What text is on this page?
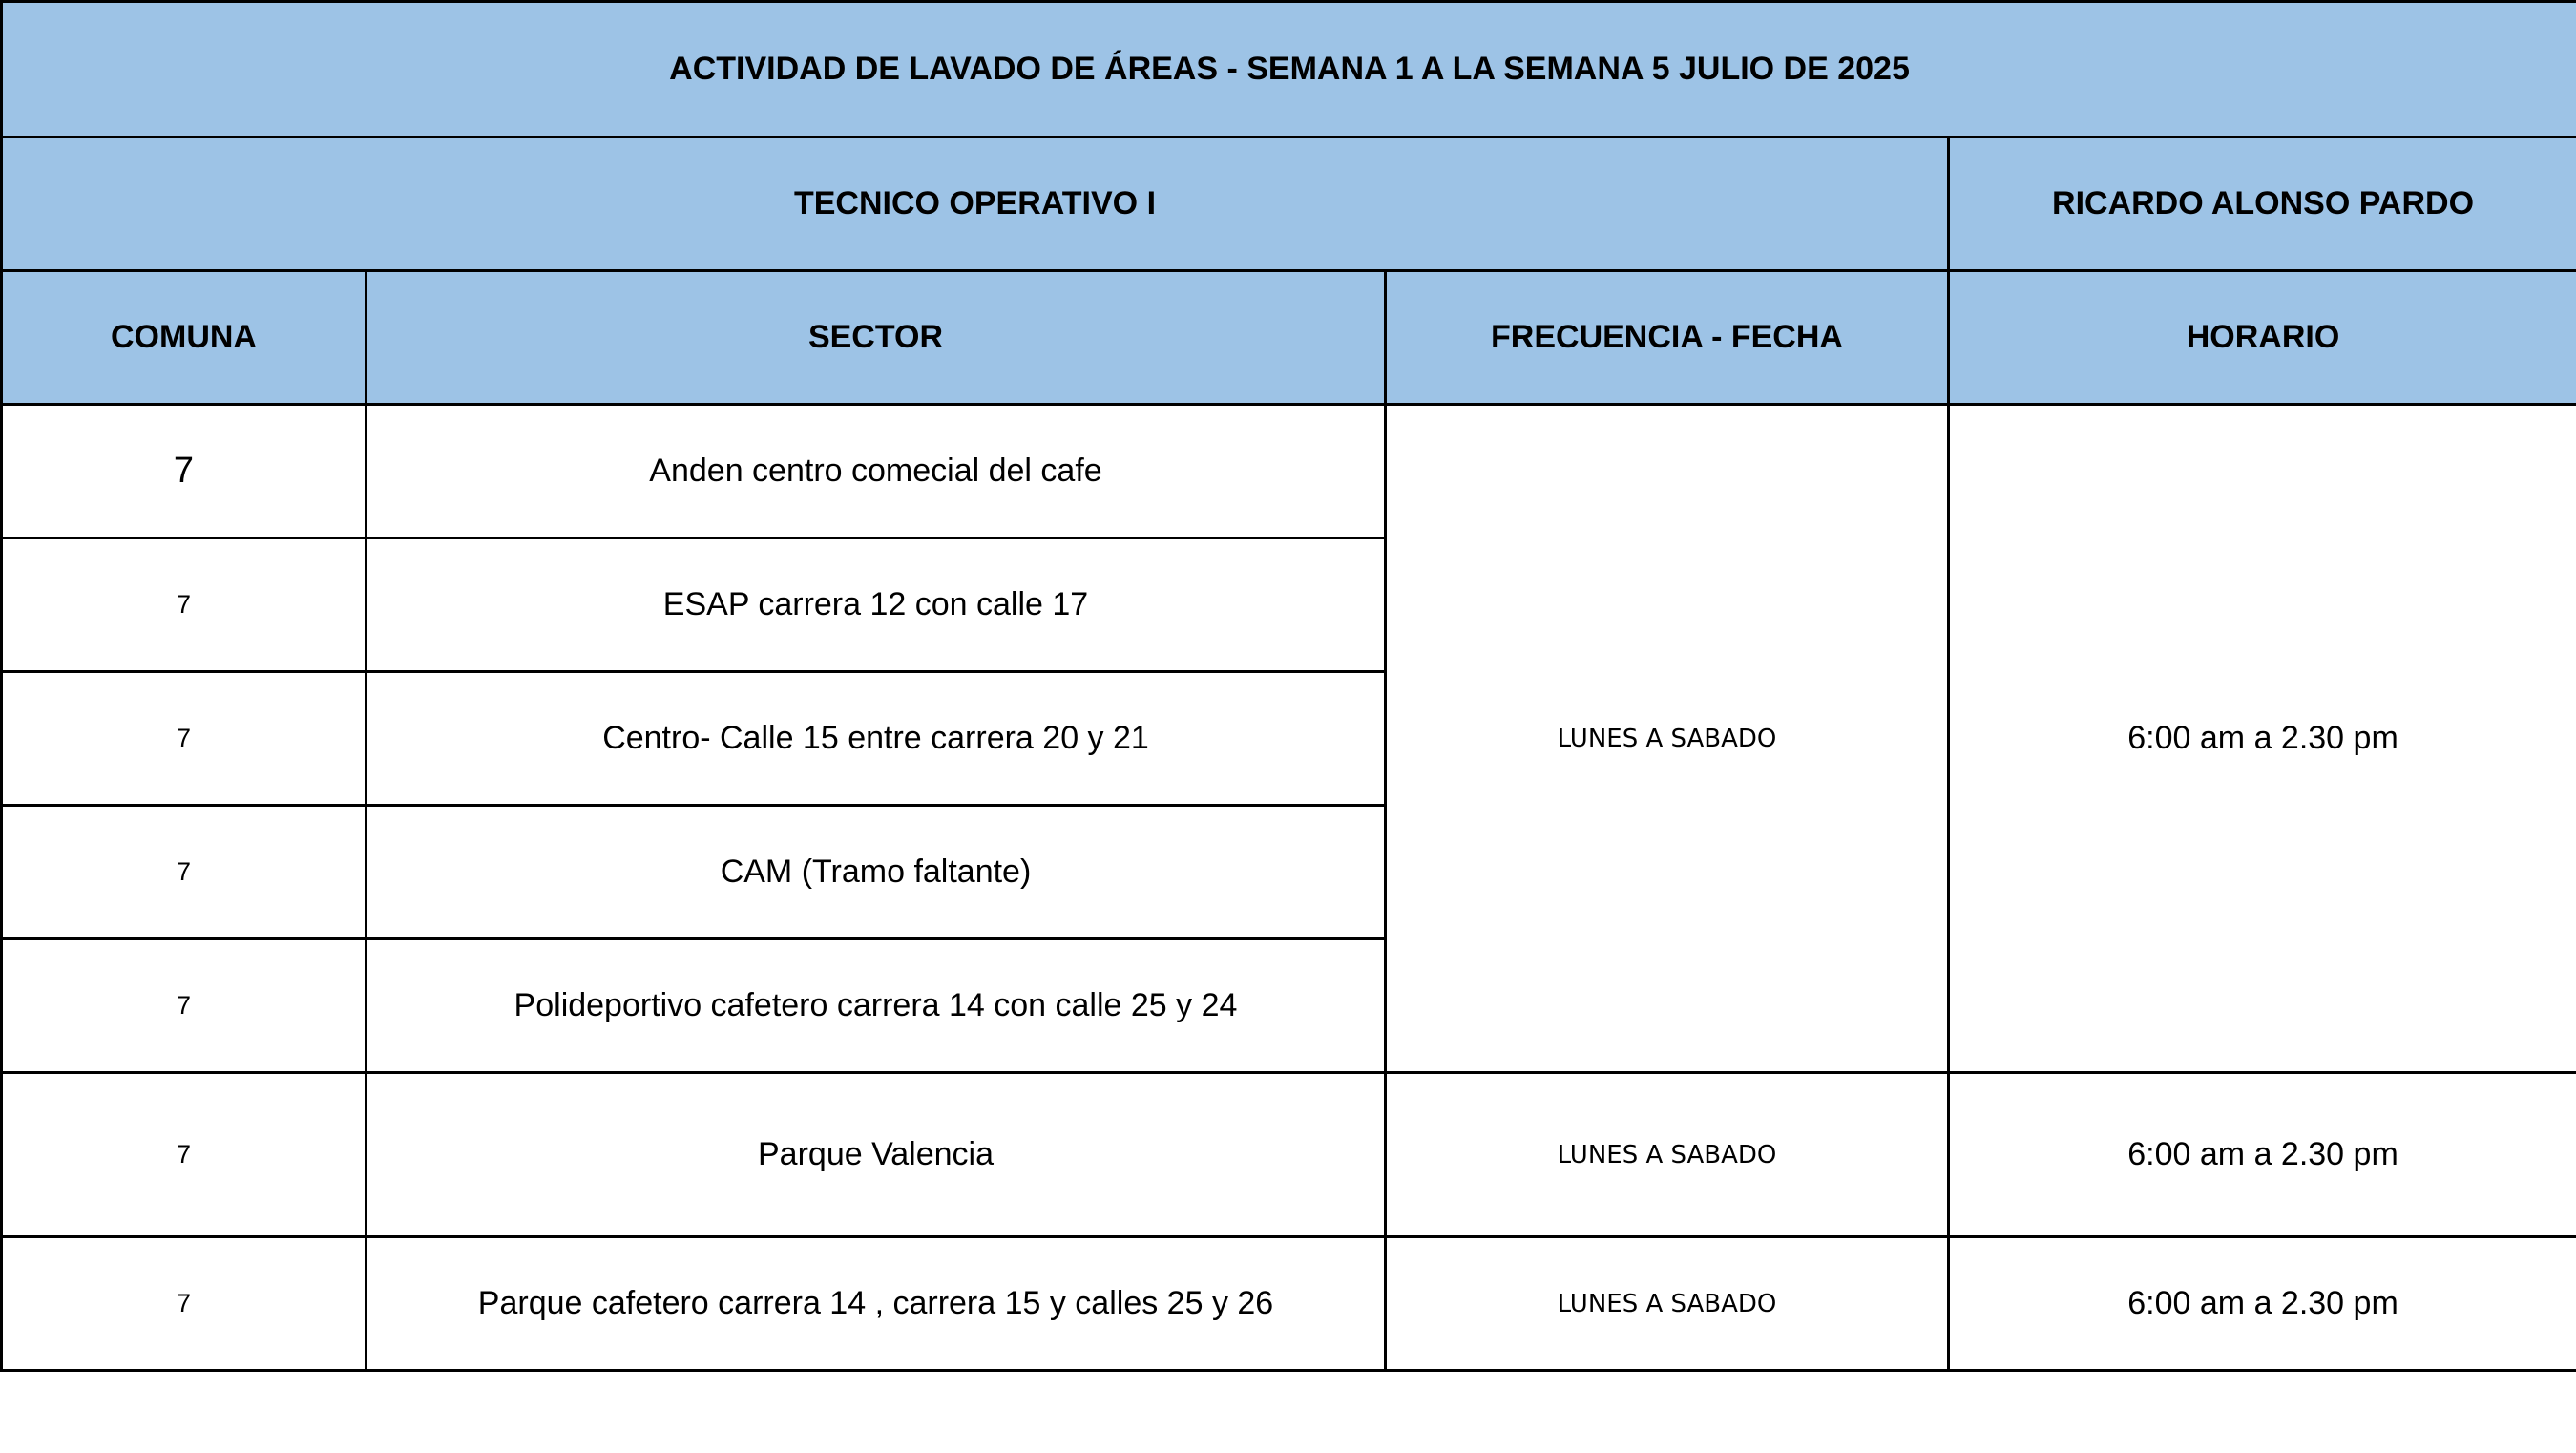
ACTIVIDAD DE LAVADO DE ÁREAS - SEMANA 1 A LA SEMANA 5 JULIO DE 2025			
TECNICO OPERATIVO I			RICARDO ALONSO PARDO
COMUNA	SECTOR	FRECUENCIA - FECHA	HORARIO
7	Anden centro comecial del cafe	LUNES A SABADO	6:00 am a 2.30 pm
7	ESAP carrera 12 con calle 17		
7	Centro- Calle 15 entre carrera 20 y 21		
7	CAM (Tramo faltante)		
7	Polideportivo cafetero carrera 14 con calle 25 y 24		
7	Parque Valencia	LUNES A SABADO	6:00 am a 2.30 pm
7	Parque cafetero carrera 14 , carrera 15 y calles 25 y 26	LUNES A SABADO	6:00 am a 2.30 pm
